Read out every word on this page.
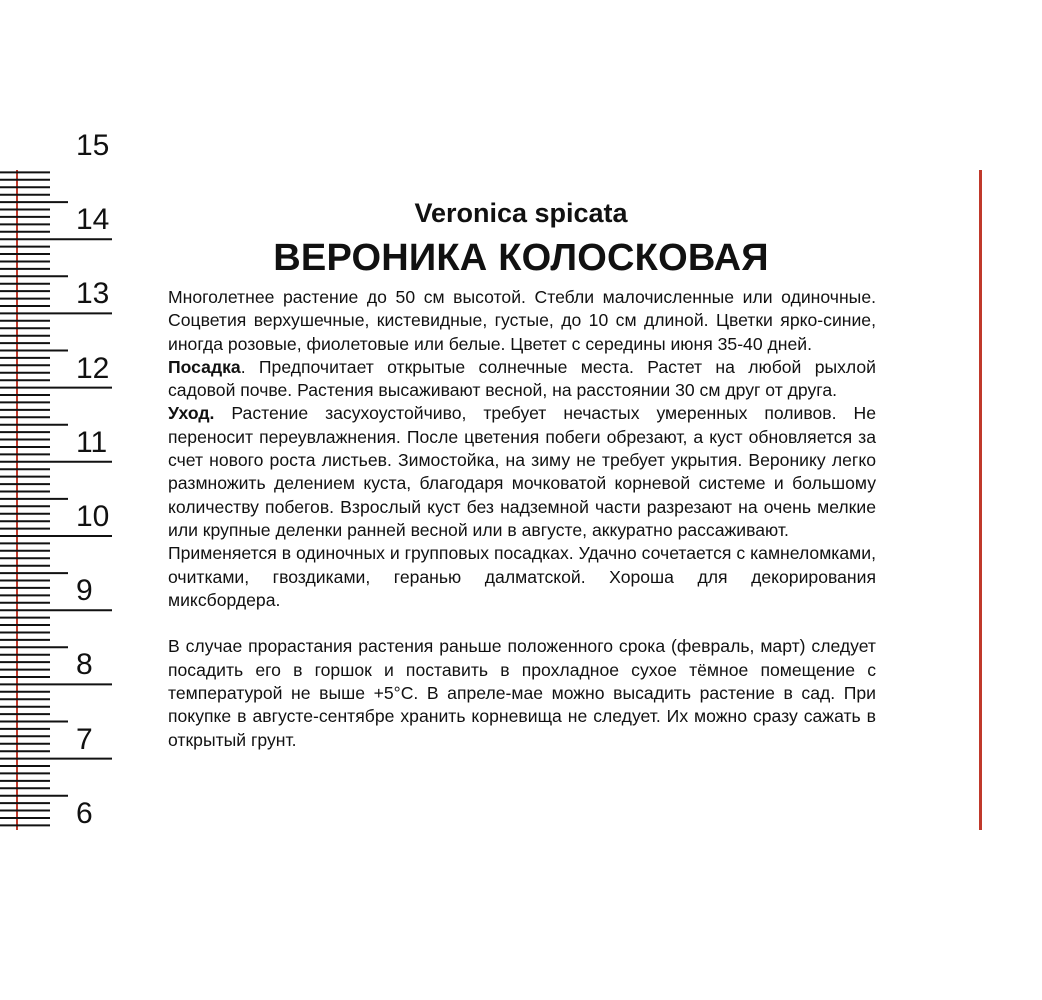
15
14
13
12
11
10
9
8
7
6
Veronica spicata
ВЕРОНИКА КОЛОСКОВАЯ

Многолетнее растение до 50 см высотой. Стебли малочисленные или одиночные. Соцветия верхушечные, кистевидные, густые, до 10 см длиной. Цветки ярко-синие, иногда розовые, фиолетовые или белые. Цветет с середины июня 35-40 дней.

Посадка. Предпочитает открытые солнечные места. Растет на любой рыхлой садовой почве. Растения высаживают весной, на расстоянии 30 см друг от друга.

Уход. Растение засухоустойчиво, требует нечастых умеренных поливов. Не переносит переувлажнения. После цветения побеги обрезают, а куст обновляется за счет нового роста листьев. Зимостойка, на зиму не требует укрытия. Веронику легко размножить делением куста, благодаря мочковатой корневой системе и большому количеству побегов. Взрослый куст без надземной части разрезают на очень мелкие или крупные деленки ранней весной или в августе, аккуратно рассаживают.

Применяется в одиночных и групповых посадках. Удачно сочетается с камнеломками, очитками, гвоздиками, геранью далматской. Хороша для декорирования миксбордера.

В случае прорастания растения раньше положенного срока (февраль, март) следует посадить его в горшок и поставить в прохладное сухое тёмное помещение с температурой не выше +5°С. В апреле-мае можно высадить растение в сад. При покупке в августе-сентябре хранить корневища не следует. Их можно сразу сажать в открытый грунт.
